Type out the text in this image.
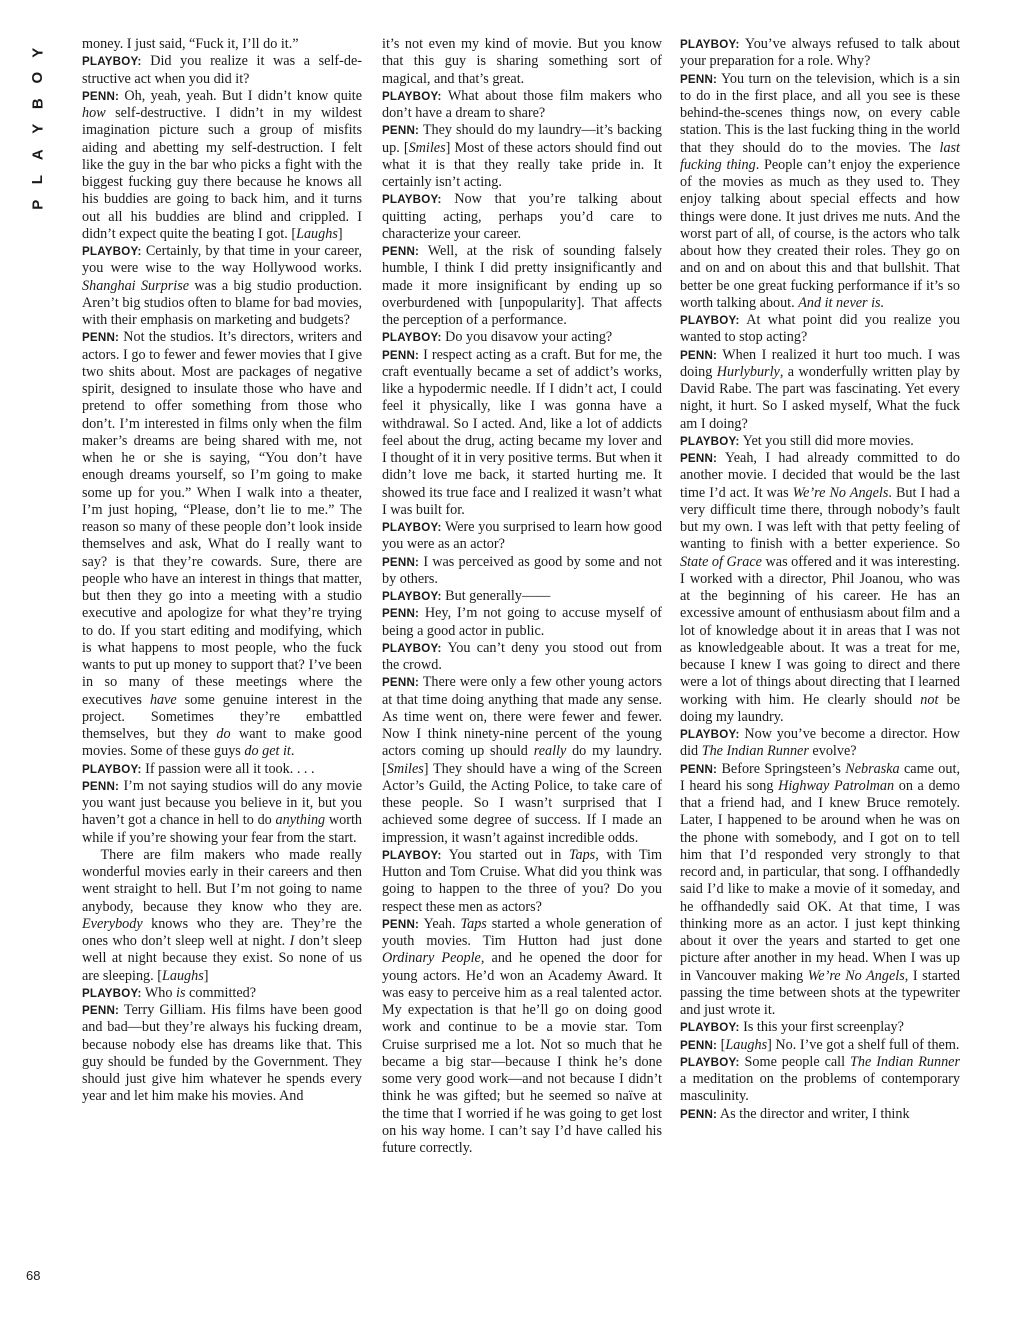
Y
O
B
Y
A
L
P

money. I just said, “Fuck it, I’ll do it.”

PLAYBOY: Did you realize it was a self-destructive act when you did it?

PENN: Oh, yeah, yeah. But I didn’t know quite how self-destructive. I didn’t in my wildest imagination picture such a group of misfits aiding and abetting my self-destruction. I felt like the guy in the bar who picks a fight with the biggest fucking guy there because he knows all his buddies are going to back him, and it turns out all his buddies are blind and crippled. I didn’t expect quite the beating I got. [Laughs]

PLAYBOY: Certainly, by that time in your career, you were wise to the way Hollywood works. Shanghai Surprise was a big studio production. Aren’t big studios often to blame for bad movies, with their emphasis on marketing and budgets?

PENN: Not the studios. It’s directors, writers and actors. I go to fewer and fewer movies that I give two shits about. Most are packages of negative spirit, designed to insulate those who have and pretend to offer something from those who don’t. I’m interested in films only when the film maker’s dreams are being shared with me, not when he or she is saying, “You don’t have enough dreams yourself, so I’m going to make some up for you.” When I walk into a theater, I’m just hoping, “Please, don’t lie to me.” The reason so many of these people don’t look inside themselves and ask, What do I really want to say? is that they’re cowards. Sure, there are people who have an interest in things that matter, but then they go into a meeting with a studio executive and apologize for what they’re trying to do. If you start editing and modifying, which is what happens to most people, who the fuck wants to put up money to support that? I’ve been in so many of these meetings where the executives have some genuine interest in the project. Sometimes they’re embattled themselves, but they do want to make good movies. Some of these guys do get it.

PLAYBOY: If passion were all it took. . . .

PENN: I’m not saying studios will do any movie you want just because you believe in it, but you haven’t got a chance in hell to do anything worth while if you’re showing your fear from the start.

There are film makers who made really wonderful movies early in their careers and then went straight to hell. But I’m not going to name anybody, because they know who they are. Everybody knows who they are. They’re the ones who don’t sleep well at night. I don’t sleep well at night because they exist. So none of us are sleeping. [Laughs]

PLAYBOY: Who is committed?

PENN: Terry Gilliam. His films have been good and bad—but they’re always his fucking dream, because nobody else has dreams like that. This guy should be funded by the Government. They should just give him whatever he spends every year and let him make his movies. And

it’s not even my kind of movie. But you know that this guy is sharing something sort of magical, and that’s great.

PLAYBOY: What about those film makers who don’t have a dream to share?

PENN: They should do my laundry—it’s backing up. [Smiles] Most of these actors should find out what it is that they really take pride in. It certainly isn’t acting.

PLAYBOY: Now that you’re talking about quitting acting, perhaps you’d care to characterize your career.

PENN: Well, at the risk of sounding falsely humble, I think I did pretty insignificantly and made it more insignificant by ending up so overburdened with [unpopularity]. That affects the perception of a performance.

PLAYBOY: Do you disavow your acting?

PENN: I respect acting as a craft. But for me, the craft eventually became a set of addict’s works, like a hypodermic needle. If I didn’t act, I could feel it physically, like I was gonna have a withdrawal. So I acted. And, like a lot of addicts feel about the drug, acting became my lover and I thought of it in very positive terms. But when it didn’t love me back, it started hurting me. It showed its true face and I realized it wasn’t what I was built for.

PLAYBOY: Were you surprised to learn how good you were as an actor?

PENN: I was perceived as good by some and not by others.

PLAYBOY: But generally——

PENN: Hey, I’m not going to accuse myself of being a good actor in public.

PLAYBOY: You can’t deny you stood out from the crowd.

PENN: There were only a few other young actors at that time doing anything that made any sense. As time went on, there were fewer and fewer. Now I think ninety-nine percent of the young actors coming up should really do my laundry. [Smiles] They should have a wing of the Screen Actor’s Guild, the Acting Police, to take care of these people. So I wasn’t surprised that I achieved some degree of success. If I made an impression, it wasn’t against incredible odds.

PLAYBOY: You started out in Taps, with Tim Hutton and Tom Cruise. What did you think was going to happen to the three of you? Do you respect these men as actors?

PENN: Yeah. Taps started a whole generation of youth movies. Tim Hutton had just done Ordinary People, and he opened the door for young actors. He’d won an Academy Award. It was easy to perceive him as a real talented actor. My expectation is that he’ll go on doing good work and continue to be a movie star. Tom Cruise surprised me a lot. Not so much that he became a big star—because I think he’s done some very good work—and not because I didn’t think he was gifted; but he seemed so naïve at the time that I worried if he was going to get lost on his way home. I can’t say I’d have called his future correctly.

PLAYBOY: You’ve always refused to talk about your preparation for a role. Why?

PENN: You turn on the television, which is a sin to do in the first place, and all you see is these behind-the-scenes things now, on every cable station. This is the last fucking thing in the world that they should do to the movies. The last fucking thing. People can’t enjoy the experience of the movies as much as they used to. They enjoy talking about special effects and how things were done. It just drives me nuts. And the worst part of all, of course, is the actors who talk about how they created their roles. They go on and on and on about this and that bullshit. That better be one great fucking performance if it’s so worth talking about. And it never is.

PLAYBOY: At what point did you realize you wanted to stop acting?

PENN: When I realized it hurt too much. I was doing Hurlyburly, a wonderfully written play by David Rabe. The part was fascinating. Yet every night, it hurt. So I asked myself, What the fuck am I doing?

PLAYBOY: Yet you still did more movies.

PENN: Yeah, I had already committed to do another movie. I decided that would be the last time I’d act. It was We’re No Angels. But I had a very difficult time there, through nobody’s fault but my own. I was left with that petty feeling of wanting to finish with a better experience. So State of Grace was offered and it was interesting. I worked with a director, Phil Joanou, who was at the beginning of his career. He has an excessive amount of enthusiasm about film and a lot of knowledge about it in areas that I was not as knowledgeable about. It was a treat for me, because I knew I was going to direct and there were a lot of things about directing that I learned working with him. He clearly should not be doing my laundry.

PLAYBOY: Now you’ve become a director. How did The Indian Runner evolve?

PENN: Before Springsteen’s Nebraska came out, I heard his song Highway Patrolman on a demo that a friend had, and I knew Bruce remotely. Later, I happened to be around when he was on the phone with somebody, and I got on to tell him that I’d responded very strongly to that record and, in particular, that song. I offhandedly said I’d like to make a movie of it someday, and he offhandedly said OK. At that time, I was thinking more as an actor. I just kept thinking about it over the years and started to get one picture after another in my head. When I was up in Vancouver making We’re No Angels, I started passing the time between shots at the typewriter and just wrote it.

PLAYBOY: Is this your first screenplay?

PENN: [Laughs] No. I’ve got a shelf full of them.

PLAYBOY: Some people call The Indian Runner a meditation on the problems of contemporary masculinity.

PENN: As the director and writer, I think

68
